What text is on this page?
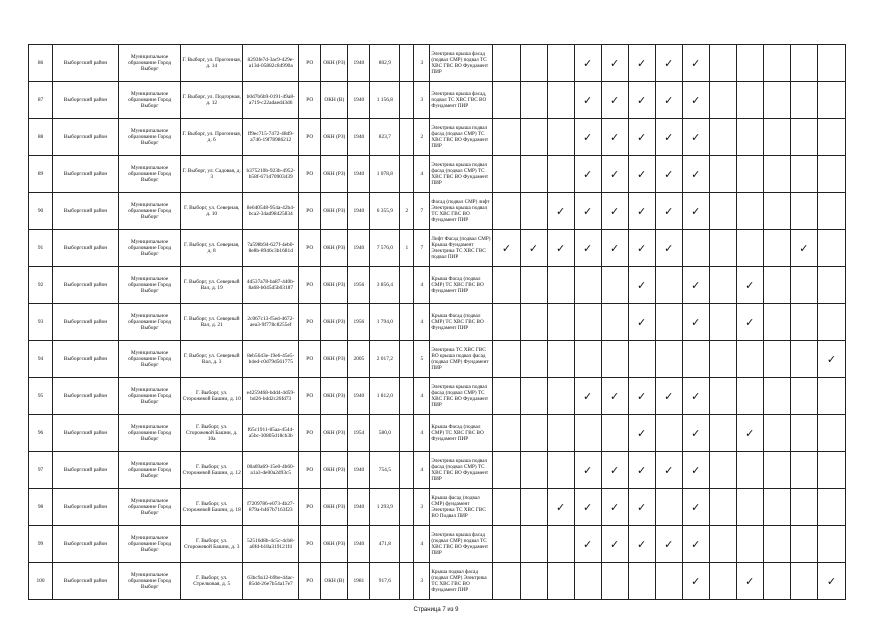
86	Выборгский район	Муниципальное образование Город Выборг	Г. Выборг, ул. Прогонная, д. 14	8293fe7d-3ac9-429e-a13d-05882c84990a	РО	ОКН (РЗ)	1940	802,9		3	Электрика крыша фасад (подвал СМР) подвал ТС ХВС ГВС ВО Фундамент ПИР				✓	✓	✓	✓	✓					
87	Выборгский район	Муниципальное образование Город Выборг	Г. Выборг, ул. Подгорная, д. 12	b0d7b6b9-0191-49a8-a719-c22adaed43d6	РО	ОКН (В)	1940	1 156,8		3	Электрика крыша фасад, подвал ТС ХВС ГВС ВО Фундамент ПИР				✓	✓	✓	✓	✓					
88	Выборгский район	Муниципальное образование Город Выборг	Г. Выборг, ул. Прогонная, д. 6	ff9ec715-7472-48d9-a746-19f78986212	РО	ОКН (РЗ)	1940	823,7		2	Электрика крыша подвал фасад (подвал СМР) ТС ХВС ГВС ВО Фундамент ПИР				✓	✓	✓	✓	✓					
89	Выборгский район	Муниципальное образование Город Выборг	Г. Выборг, ул. Садовая, д. 3	b375210b-923b-4952-b58f-671d70903439	РО	ОКН (РЗ)	1940	1 078,8		4	Электрика крыша подвал фасад (подвал СМР) ТС ХВС ГВС ВО Фундамент ПИР				✓	✓	✓	✓	✓					
90	Выборгский район	Муниципальное образование Город Выборг	Г. Выборг, ул. Северная, д. 10	8e640548-954a-42b4-bca2-34ad98425834	РО	ОКН (РЗ)	1940	6 355,9	2	7	Фасад (подвал СМР) лифт Электрика крыша подвал ТС ХВС ГВС ВО Фундамент ПИР			✓	✓	✓	✓	✓	✓					
91	Выборгский район	Муниципальное образование Город Выборг	Г. Выборг, ул. Северная, д. 8	7a598b94-627f-4eb0-8e8b-8946c3b1681d	РО	ОКН (РЗ)	1940	7 576,0	1	7	Лифт Фасад (подвал СМР) Крыша Фундамент Электрика ТС ХВС ГВС подвал ПИР	✓	✓	✓	✓	✓	✓	✓					✓	
92	Выборгский район	Муниципальное образование Город Выборг	Г. Выборг, ул. Северный Вал, д. 19	4d537a78-ba87-440b-8a68-b045d5b03187	РО	ОКН (РЗ)	1956	3 856,4		4	Крыша Фасад (подвал СМР) ТС ХВС ГВС ВО Фундамент ПИР						✓		✓		✓			
93	Выборгский район	Муниципальное образование Город Выборг	Г. Выборг, ул. Северный Вал, д. 21	2c067c13-f5ed-4672-aea3-9f778c8255ef	РО	ОКН (РЗ)	1956	1 794,0		4	Крыша Фасад (подвал СМР) ТС ХВС ГВС ВО Фундамент ПИР						✓		✓		✓			
94	Выборгский район	Муниципальное образование Город Выборг	Г. Выборг, ул. Северный Вал, д. 3	8eb5643e-19e6-45e5-b4ed-c0d79d561775	РО	ОКН (РЗ)	2005	2 017,2		5	Электрика ТС ХВС ГВС ВО крыша подвал фасад (подвал СМР) Фундамент ПИР													✓
95	Выборгский район	Муниципальное образование Город Выборг	Г. Выборг, ул. Сторожевой Башни, д. 10	e4259468-bdd4-4d59-bd26-bdd2c26fd73	РО	ОКН (РЗ)	1940	1 812,0		4	Электрика крыша подвал фасад (подвал СМР) ТС ХВС ГВС ВО Фундамент ПИР				✓	✓	✓	✓	✓					
96	Выборгский район	Муниципальное образование Город Выборг	Г. Выборг, ул. Сторожевой Башни, д. 10а	f65c1911-85aa-4544-a5bc-30805d18cb3b	РО	ОКН (РЗ)	1954	580,0		4	Крыша Фасад (подвал СМР) ТС ХВС ГВС ВО Фундамент ПИР						✓		✓		✓			
97	Выборгский район	Муниципальное образование Город Выборг	Г. Выборг, ул. Сторожевой Башни, д. 12	00a69a69-15e0-4b60-a1a3-de00a2d93c5	РО	ОКН (РЗ)	1940	754,5		4	Электрика крыша подвал фасад (подвал СМР) ТС ХВС ГВС ВО Фундамент ПИР				✓	✓	✓	✓	✓					
98	Выборгский район	Муниципальное образование Город Выборг	Г. Выборг, ул. Сторожевой Башни, д. 18	f7209786-e073-4b27-879a-b467b7163f23	РО	ОКН (РЗ)	1940	1 293,9		3	Крыша фасад (подвал СМР) фундамент Электрика ТС ХВС ГВС ВО Подвал ПИР			✓	✓	✓	✓		✓					
99	Выборгский район	Муниципальное образование Город Выборг	Г. Выборг, ул. Сторожевой Башни, д. 3	52516d8b-4c5c-4cb8-a0fd-b18a319121f4	РО	ОКН (РЗ)	1940	471,8		4	Электрика крыша фасад (подвал СМР) подвал ТС ХВС ГВС ВО Фундамент ПИР				✓	✓	✓	✓	✓					
100	Выборгский район	Муниципальное образование Город Выборг	Г. Выборг, ул. Стрелковая, д. 5	63bc9a12-b9be-44ac-85dd-26e7b54a17e7	РО	ОКН (В)	1981	917,6		3	Крыша подвал фасад (подвал СМР) Электрика ТС ХВС ГВС ВО Фундамент ПИР								✓		✓			✓
Страница 7 из 9
